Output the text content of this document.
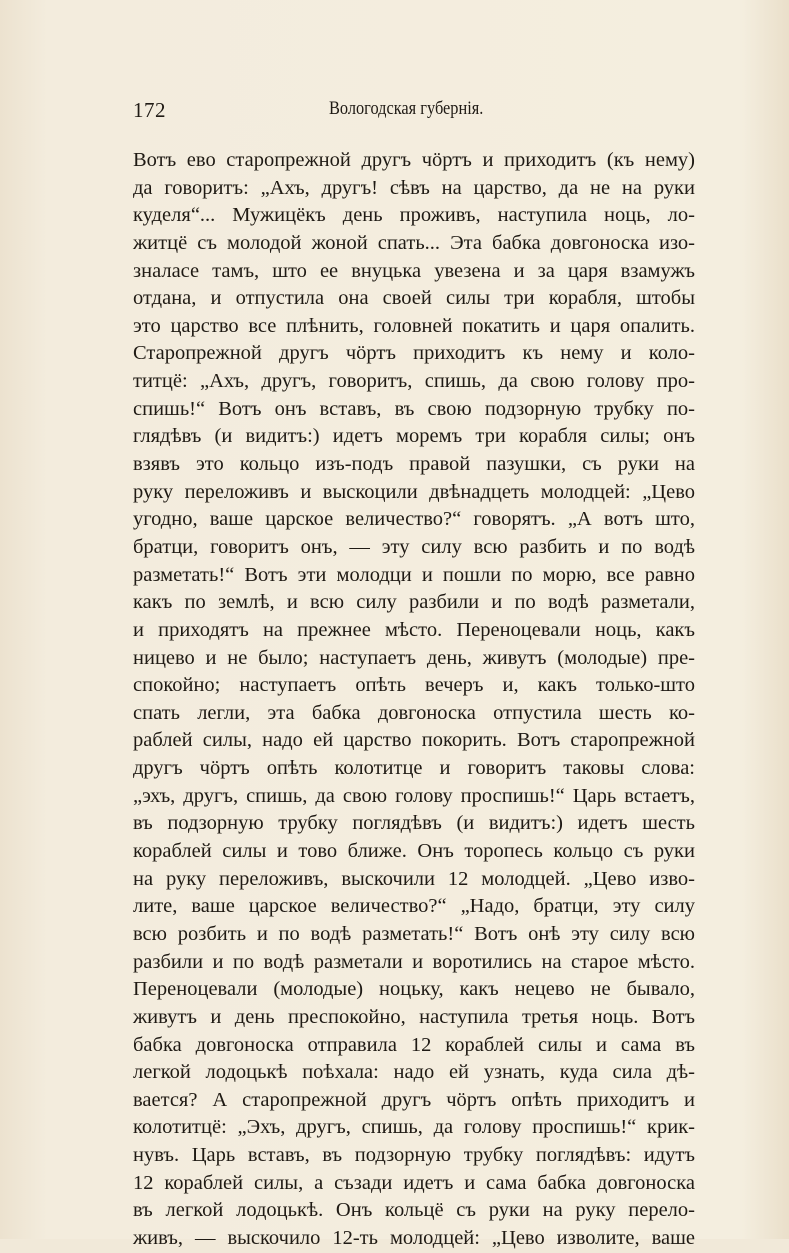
172	Вологодская губернія.
Вотъ ево старопрежной другъ чöртъ и приходитъ (къ нему)
да говоритъ: „Ахъ, другъ! сѣвъ на царство, да не на руки
куделя“... Мужицёкъ день проживъ, наступила ноць, ло-
житцё съ молодой жоной спать... Эта бабка довгоноска изо-
зналасе тамъ, што ее внуцька увезена и за царя взамужъ
отдана, и отпустила она своей силы три корабля, штобы
это царство все плѣнить, головней покатить и царя опалить.
Старопрежной другъ чöртъ приходитъ къ нему и коло-
титцё: „Ахъ, другъ, говоритъ, спишь, да свою голову про-
спишь!“ Вотъ онъ вставъ, въ свою подзорную трубку по-
глядѣвъ (и видитъ:) идетъ моремъ три корабля силы; онъ
взявъ это кольцо изъ-подъ правой пазушки, съ руки на
руку переложивъ и выскоцили двѣнадцеть молодцей: „Цево
угодно, ваше царское величество?“ говорятъ. „А вотъ што,
братци, говоритъ онъ, — эту силу всю разбить и по водѣ
разметать!“ Вотъ эти молодци и пошли по морю, все равно
какъ по землѣ, и всю силу разбили и по водѣ разметали,
и приходятъ на прежнее мѣсто. Переноцевали ноць, какъ
ницево и не было; наступаетъ день, живутъ (молодые) пре-
спокойно; наступаетъ опѣть вечеръ и, какъ только-што
спать легли, эта бабка довгоноска отпустила шесть ко-
раблей силы, надо ей царство покорить. Вотъ старопрежной
другъ чöртъ опѣть колотитце и говоритъ таковы слова:
„эхъ, другъ, спишь, да свою голову проспишь!“ Царь встаетъ,
въ подзорную трубку поглядѣвъ (и видитъ:) идетъ шесть
кораблей силы и тово ближе. Онъ торопесь кольцо съ руки
на руку переложивъ, выскочили 12 молодцей. „Цево изво-
лите, ваше царское величество?“ „Надо, братци, эту силу
всю розбить и по водѣ разметать!“ Вотъ онѣ эту силу всю
разбили и по водѣ разметали и воротились на старое мѣсто.
Переноцевали (молодые) ноцьку, какъ нецево не бывало,
живутъ и день преспокойно, наступила третья ноць. Вотъ
бабка довгоноска отправила 12 кораблей силы и сама въ
легкой лодоцькѣ поѣхала: надо ей узнать, куда сила дѣ-
вается? А старопрежной другъ чöртъ опѣть приходитъ и
колотитцё: „Эхъ, другъ, спишь, да голову проспишь!“ крик-
нувъ. Царь вставъ, въ подзорную трубку поглядѣвъ: идутъ
12 кораблей силы, а съзади идетъ и сама бабка довгоноска
въ легкой лодоцькѣ. Онъ кольцё съ руки на руку перело-
живъ, — выскочило 12-ть молодцей: „Цево изволите, ваше
